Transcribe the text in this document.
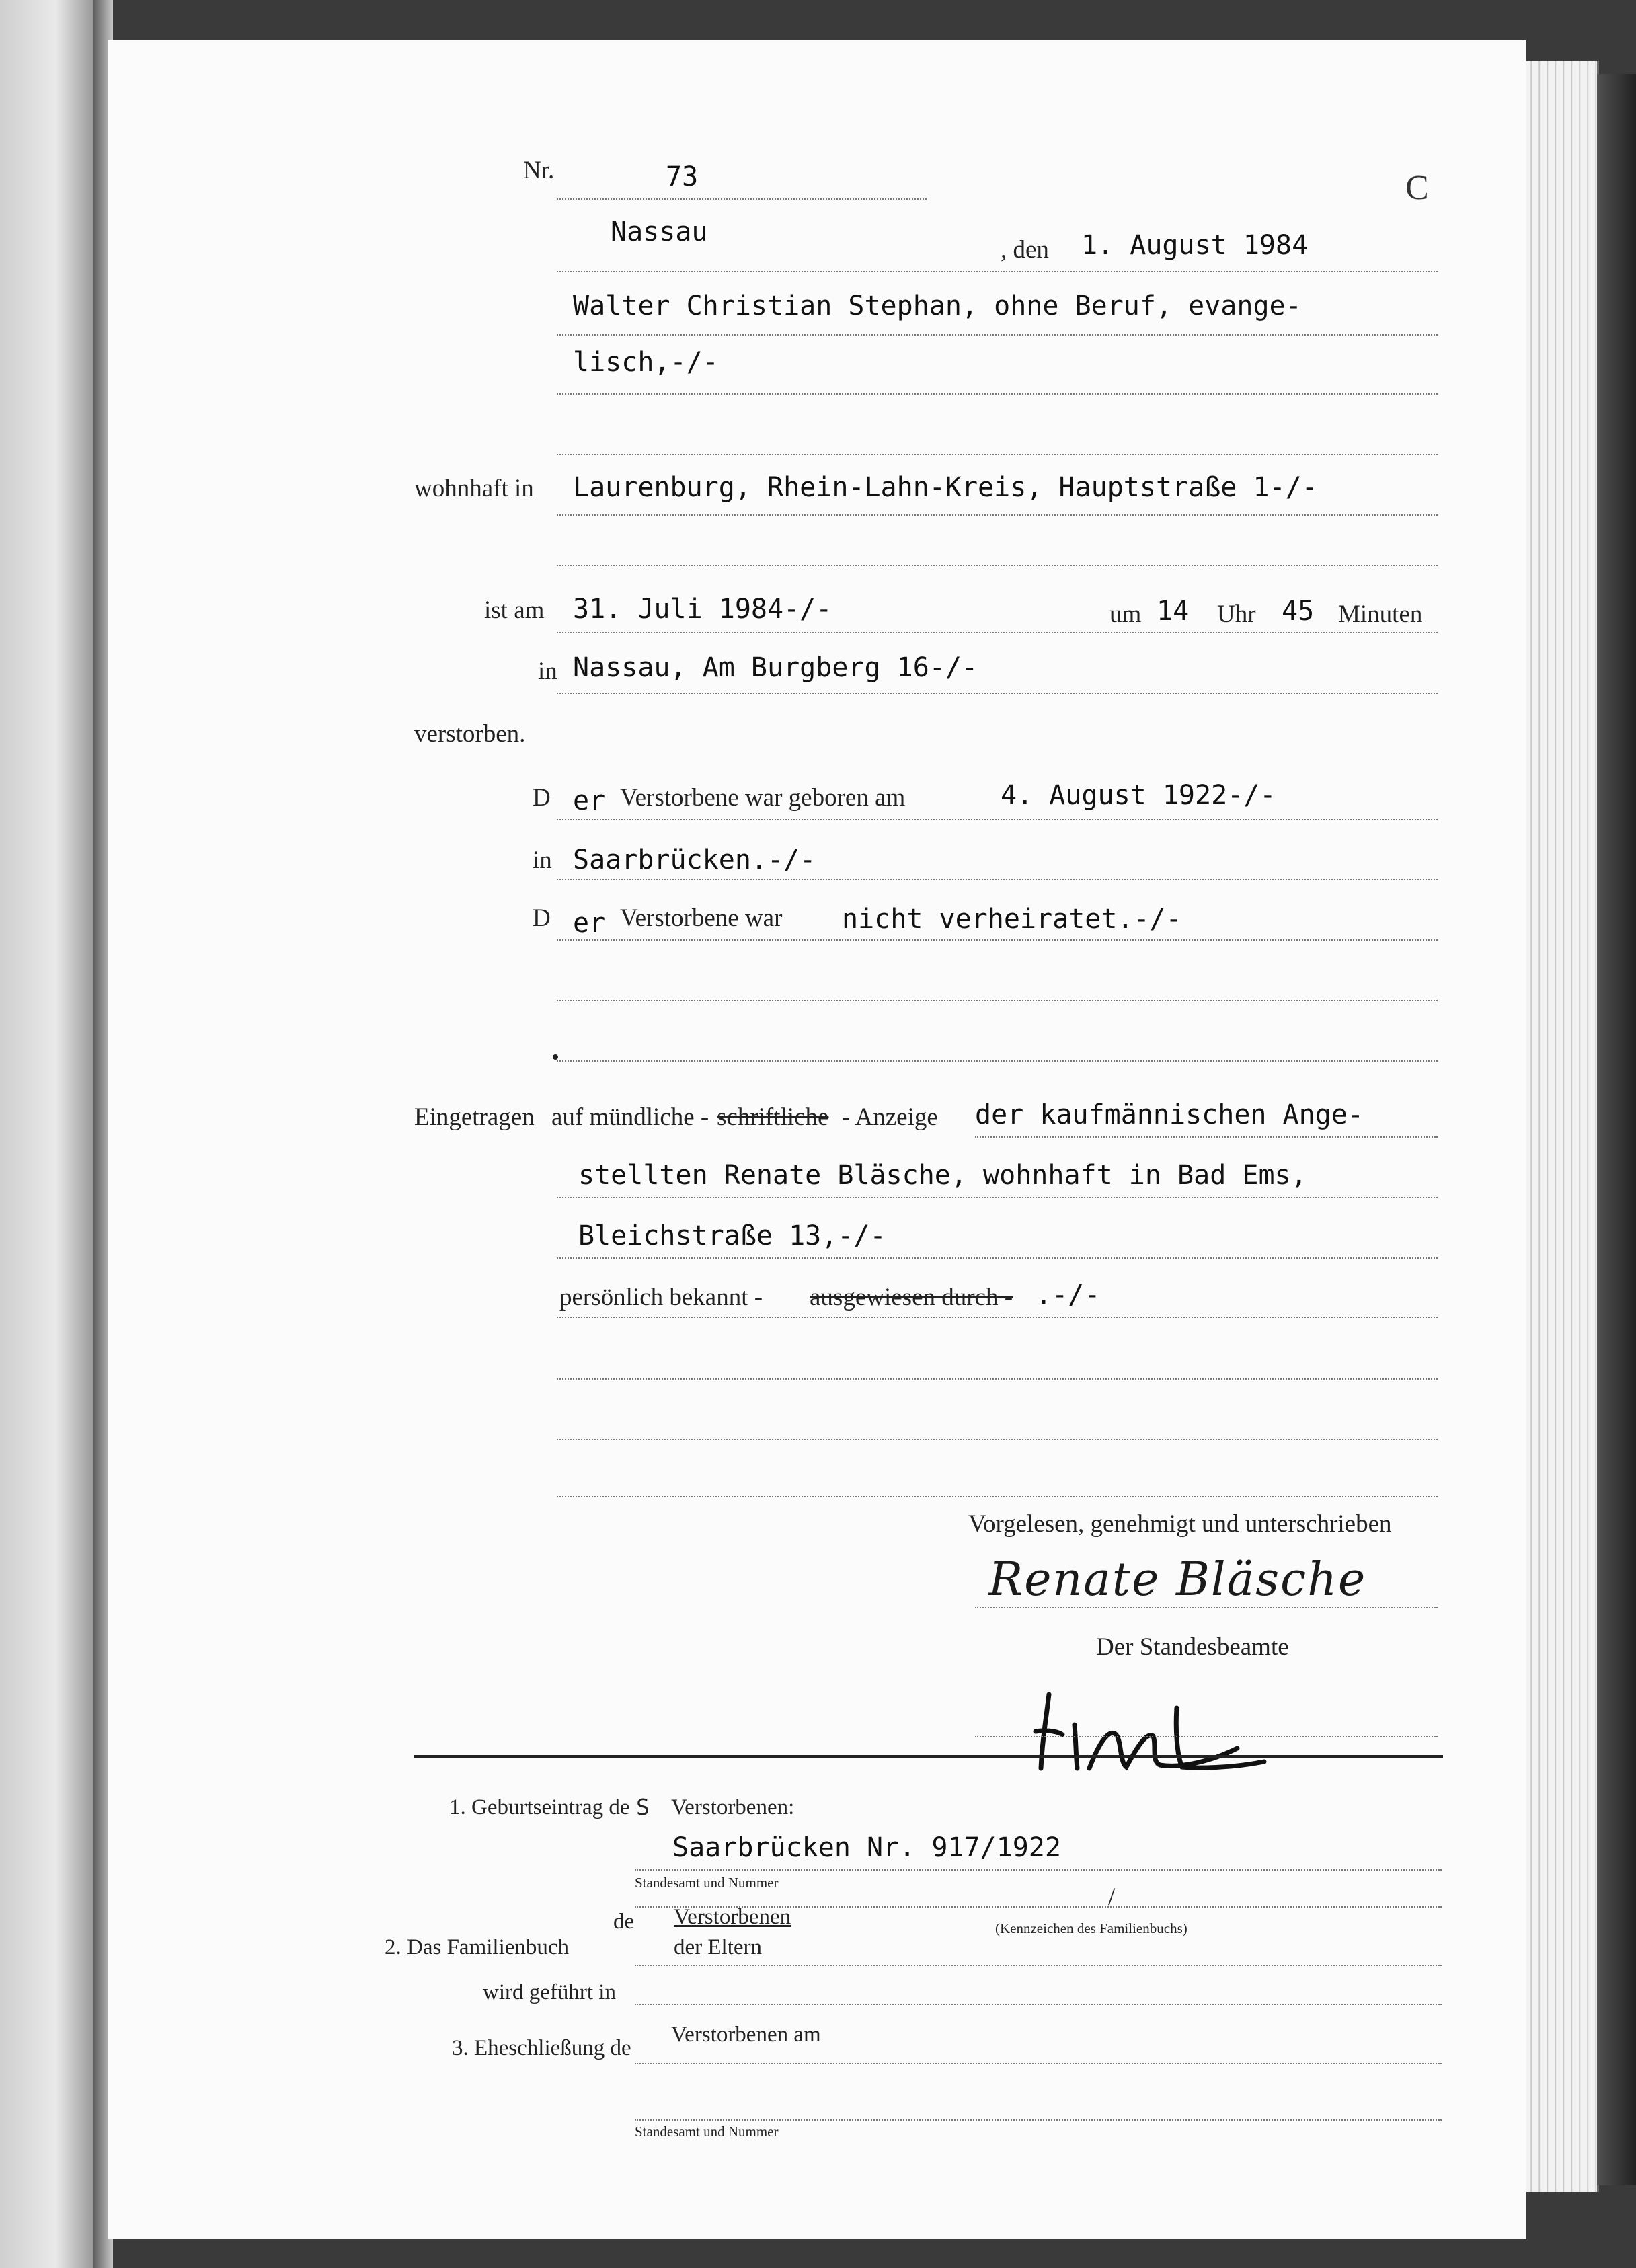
Nr.	73	C
Nassau
, den 1. August 1984
Walter Christian Stephan, ohne Beruf, evange-
lisch,-/-
wohnhaft in Laurenburg, Rhein-Lahn-Kreis, Hauptstraße 1-/-
ist am 31. Juli 1984-/-	um 14 Uhr 45 Minuten
in Nassau, Am Burgberg 16-/-
verstorben.
D er Verstorbene war geboren am	4. August 1922-/-
in Saarbrücken.-/-
D er Verstorbene war nicht verheiratet.-/-
Eingetragen auf mündliche - schriftliche - Anzeige der kaufmännischen Ange-
stellten Renate Bläsche, wohnhaft in Bad Ems,
Bleichstraße 13,-/-
persönlich bekannt - ausgewiesen durch - .-/-
Vorgelesen, genehmigt und unterschrieben
Renate Bläsche
Der Standesbeamte
1. Geburtseintrag de S Verstorbenen:
Saarbrücken Nr. 917/1922
Standesamt und Nummer
/
de Verstorbenen	(Kennzeichen des Familienbuchs)
2. Das Familienbuch	der Eltern
wird geführt in
3. Eheschließung de
Verstorbenen am
Standesamt und Nummer
